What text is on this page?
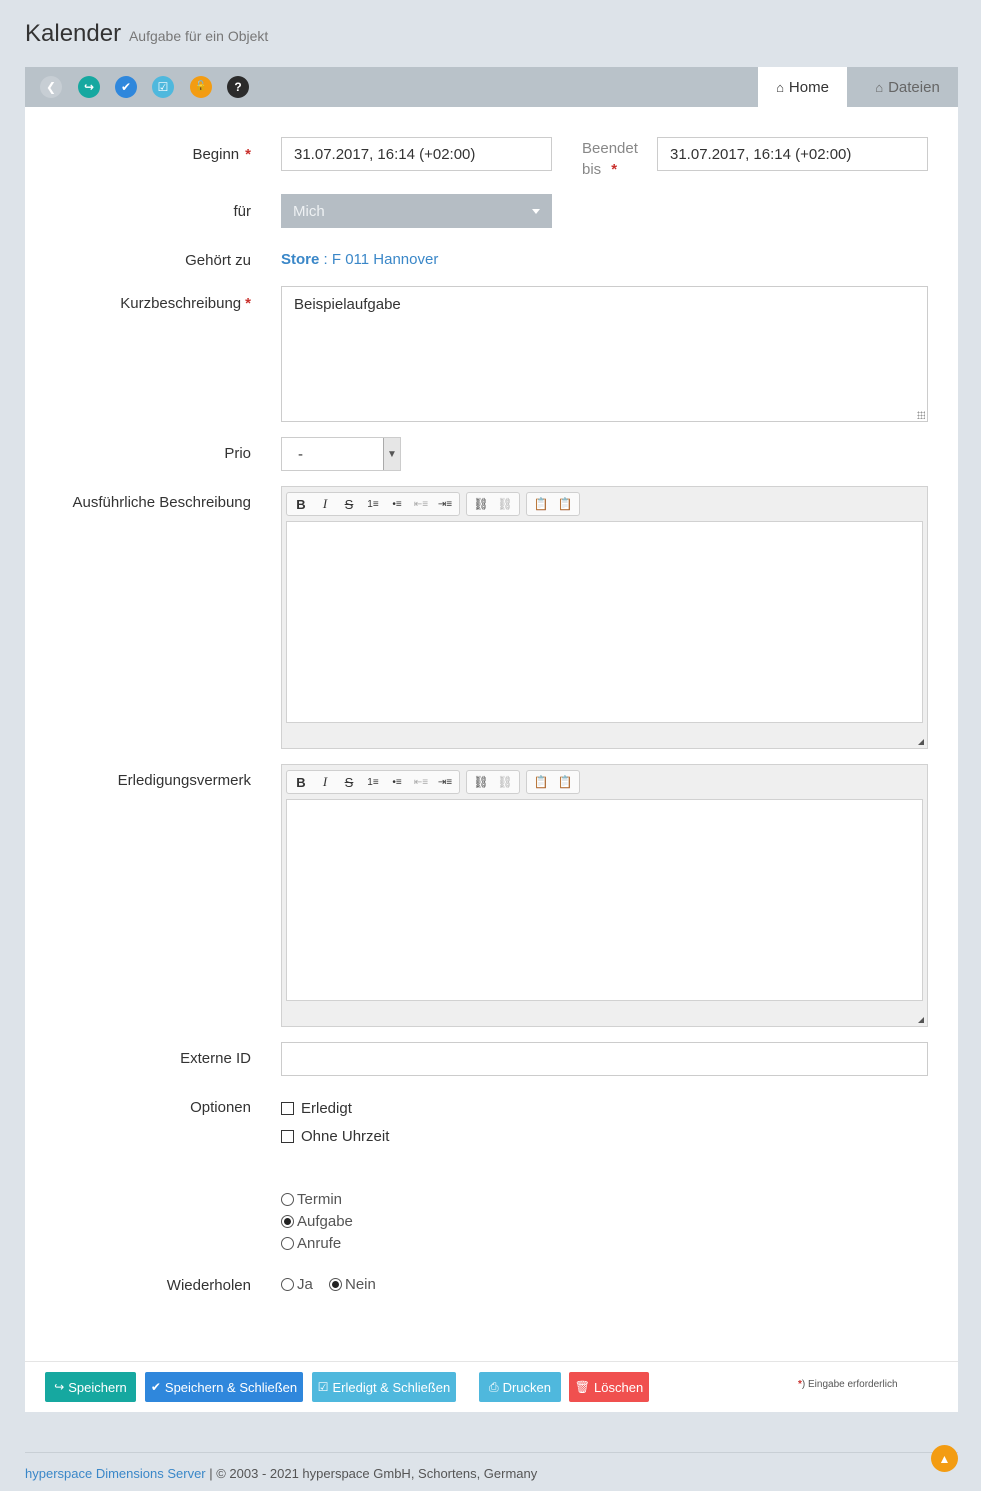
Kalender Aufgabe für ein Objekt
❮ ↪ ✔ ☑	🔓 ?	⌂ Home	⌂ Dateien
Beginn *	31.07.2017, 16:14 (+02:00)	Beendet
bis *
31.07.2017, 16:14 (+02:00)
für	Mich
Gehört zu Store : F 011 Hannover
Kurzbeschreibung *	Beispielaufgabe
Prio	-	▼
Ausführliche Beschreibung	B	I	S	1≡	•≡	⇤≡ ⇥≡	⛓ ⛓	📋 📋
Erledigungsvermerk	B	I	S	1≡	•≡	⇤≡ ⇥≡	⛓ ⛓	📋 📋
Externe ID
Optionen	Erledigt
Ohne Uhrzeit
Termin
Aufgabe
Anrufe
Wiederholen	Ja Nein
↪ Speichern ✔ Speichern & Schließen ☑ Erledigt & Schließen	⎙ Drucken 🗑 Löschen	*) Eingabe erforderlich
hyperspace Dimensions Server | © 2003 - 2021 hyperspace GmbH, Schortens, Germany
▲
